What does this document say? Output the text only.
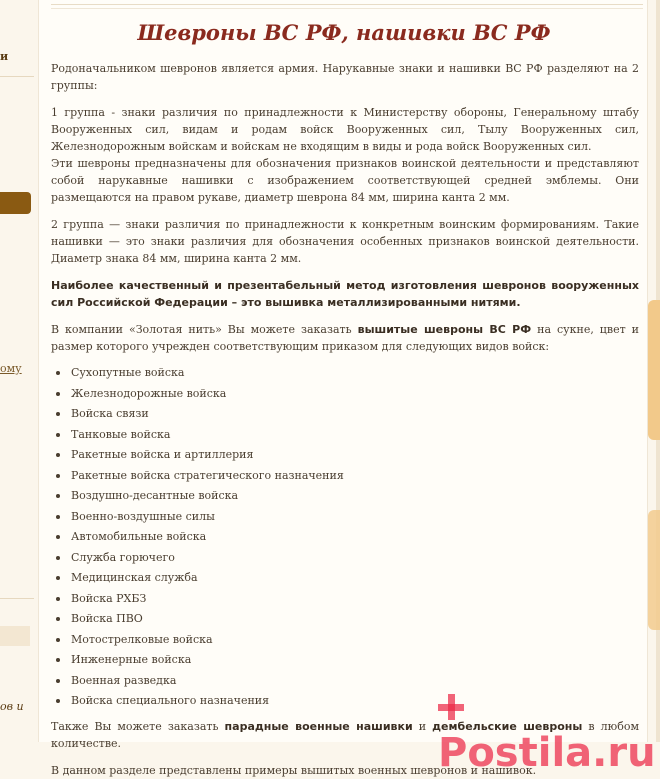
и
ому
ов и
Шевроны ВС РФ, нашивки ВС РФ

Родоначальником шевронов является армия. Нарукавные знаки и нашивки ВС РФ разделяют на 2 группы:

1 группа - знаки различия по принадлежности к Министерству обороны, Генеральному штабу Вооруженных сил, видам и родам войск Вооруженных сил, Тылу Вооруженных сил, Железнодорожным войскам и войскам не входящим в виды и рода войск Вооруженных сил.

Эти шевроны предназначены для обозначения признаков воинской деятельности и представляют собой нарукавные нашивки с изображением соответствующей средней эмблемы. Они размещаются на правом рукаве, диаметр шеврона 84 мм, ширина канта 2 мм.

2 группа — знаки различия по принадлежности к конкретным воинским формированиям. Такие нашивки — это знаки различия для обозначения особенных признаков воинской деятельности. Диаметр знака 84 мм, ширина канта 2 мм.

Наиболее качественный и презентабельный метод изготовления шевронов вооруженных сил Российской Федерации – это вышивка металлизированными нитями.

В компании «Золотая нить» Вы можете заказать вышитые шевроны ВС РФ на сукне, цвет и размер которого учрежден соответствующим приказом для следующих видов войск:

Сухопутные войска
Железнодорожные войска
Войска связи
Танковые войска
Ракетные войска и артиллерия
Ракетные войска стратегического назначения
Воздушно-десантные войска
Военно-воздушные силы
Автомобильные войска
Служба горючего
Медицинская служба
Войска РХБЗ
Войска ПВО
Мотострелковые войска
Инженерные войска
Военная разведка
Войска специального назначения

Также Вы можете заказать парадные военные нашивки и дембельские шевроны в любом количестве.

В данном разделе представлены примеры вышитых военных шевронов и нашивок.

Postila.ru
